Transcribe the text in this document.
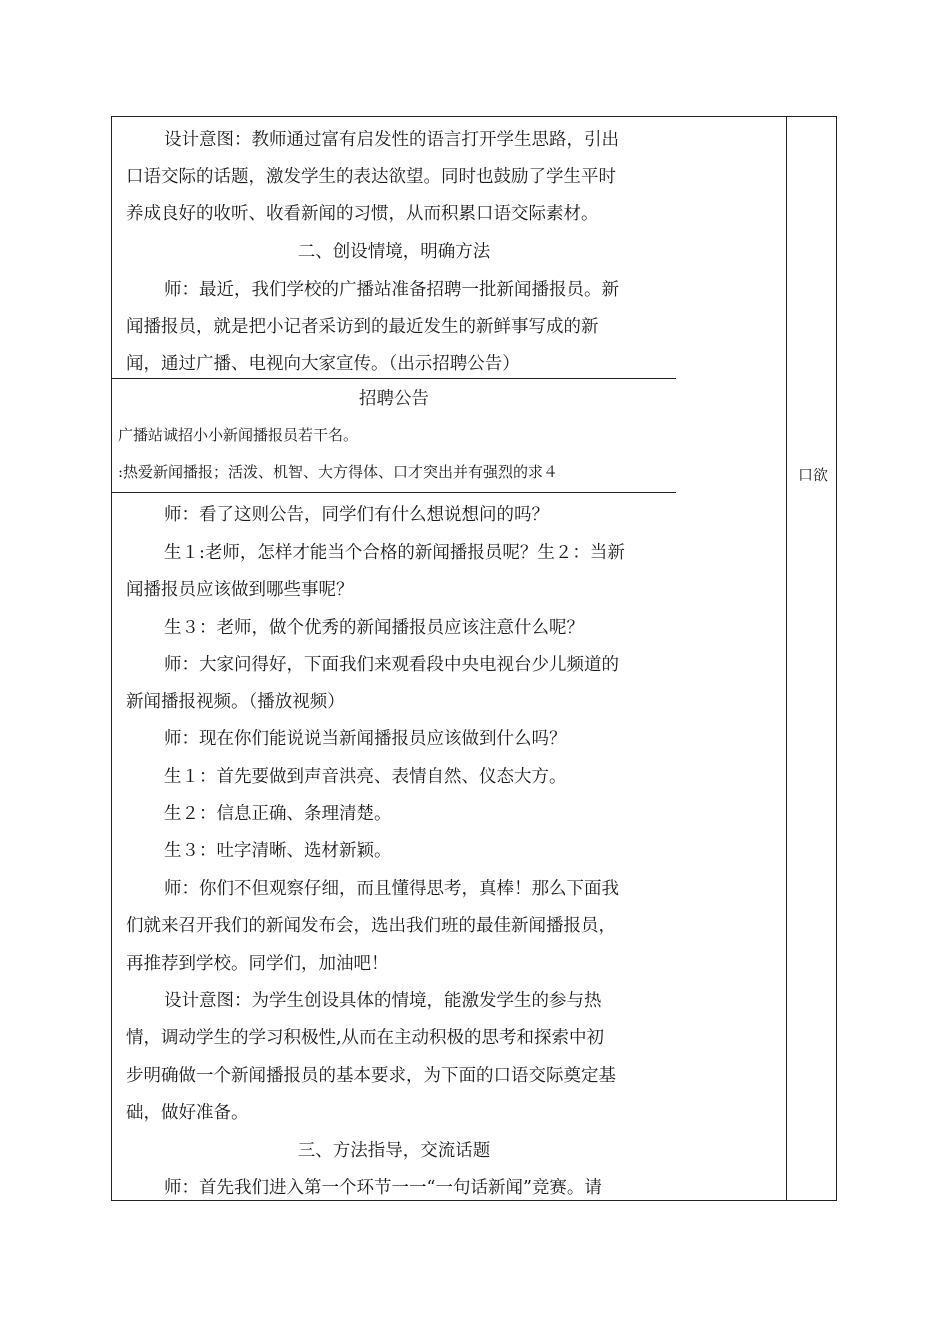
设计意图：教师通过富有启发性的语言打开学生思路，引出
口语交际的话题，激发学生的表达欲望。同时也鼓励了学生平时
养成良好的收听、收看新闻的习惯，从而积累口语交际素材。
二、创设情境，明确方法
师：最近，我们学校的广播站准备招聘一批新闻播报员。新
闻播报员，就是把小记者采访到的最近发生的新鲜事写成的新
闻，通过广播、电视向大家宣传。（出示招聘公告）
招聘公告
广播站诚招小小新闻播报员若干名。
:热爱新闻播报；活泼、机智、大方得体、口才突出并有强烈的求４	口欲
师：看了这则公告，同学们有什么想说想问的吗？
生１:老师，怎样才能当个合格的新闻播报员呢？生２：当新
闻播报员应该做到哪些事呢？
生３：老师，做个优秀的新闻播报员应该注意什么呢？
师：大家问得好，下面我们来观看段中央电视台少儿频道的
新闻播报视频。（播放视频）
师：现在你们能说说当新闻播报员应该做到什么吗？
生１：首先要做到声音洪亮、表情自然、仪态大方。
生２：信息正确、条理清楚。
生３：吐字清晰、选材新颖。
师：你们不但观察仔细，而且懂得思考，真棒！那么下面我
们就来召开我们的新闻发布会，选出我们班的最佳新闻播报员，
再推荐到学校。同学们，加油吧！
设计意图：为学生创设具体的情境，能激发学生的参与热
情，调动学生的学习积极性,从而在主动积极的思考和探索中初
步明确做一个新闻播报员的基本要求，为下面的口语交际奠定基
础，做好准备。
三、方法指导，交流话题
师：首先我们进入第一个环节一一“一句话新闻”竞赛。请
